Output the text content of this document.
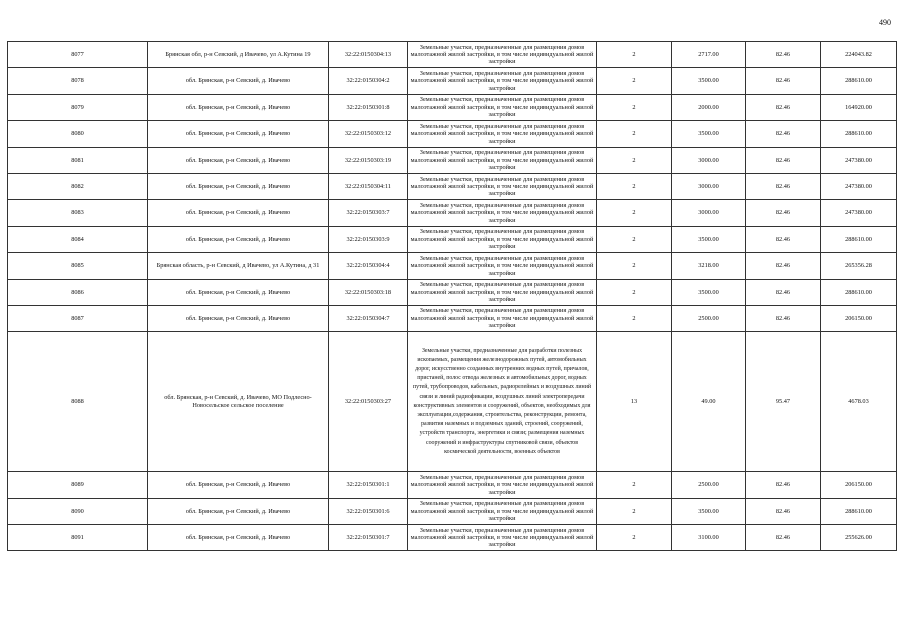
490
8077	Брянская обл, р-н Севский, д Ивачево, ул А.Кутина 19	32:22:0150304:13	Земельные участки, предназначенные для размещения домов малоэтажной жилой застройки, в том числе индивидуальной жилой застройки	2	2717.00	82.46	224043.82
8078	обл. Брянская, р-н Севский, д. Ивачево	32:22:0150304:2	Земельные участки, предназначенные для размещения домов малоэтажной жилой застройки, в том числе индивидуальной жилой застройки	2	3500.00	82.46	288610.00
8079	обл. Брянская, р-н Севский, д. Ивачево	32:22:0150301:8	Земельные участки, предназначенные для размещения домов малоэтажной жилой застройки, в том числе индивидуальной жилой застройки	2	2000.00	82.46	164920.00
8080	обл. Брянская, р-н Севский, д. Ивачево	32:22:0150303:12	Земельные участки, предназначенные для размещения домов малоэтажной жилой застройки, в том числе индивидуальной жилой застройки	2	3500.00	82.46	288610.00
8081	обл. Брянская, р-н Севский, д. Ивачево	32:22:0150303:19	Земельные участки, предназначенные для размещения домов малоэтажной жилой застройки, в том числе индивидуальной жилой застройки	2	3000.00	82.46	247380.00
8082	обл. Брянская, р-н Севский, д. Ивачево	32:22:0150304:11	Земельные участки, предназначенные для размещения домов малоэтажной жилой застройки, в том числе индивидуальной жилой застройки	2	3000.00	82.46	247380.00
8083	обл. Брянская, р-н Севский, д. Ивачево	32:22:0150303:7	Земельные участки, предназначенные для размещения домов малоэтажной жилой застройки, в том числе индивидуальной жилой застройки	2	3000.00	82.46	247380.00
8084	обл. Брянская, р-н Севский, д. Ивачево	32:22:0150303:9	Земельные участки, предназначенные для размещения домов малоэтажной жилой застройки, в том числе индивидуальной жилой застройки	2	3500.00	82.46	288610.00
8085	Брянская область, р-н Севский, д Ивачево, ул А.Кутина, д 31	32:22:0150304:4	Земельные участки, предназначенные для размещения домов малоэтажной жилой застройки, в том числе индивидуальной жилой застройки	2	3218.00	82.46	265356.28
8086	обл. Брянская, р-н Севский, д. Ивачево	32:22:0150303:18	Земельные участки, предназначенные для размещения домов малоэтажной жилой застройки, в том числе индивидуальной жилой застройки	2	3500.00	82.46	288610.00
8087	обл. Брянская, р-н Севский, д. Ивачево	32:22:0150304:7	Земельные участки, предназначенные для размещения домов малоэтажной жилой застройки, в том числе индивидуальной жилой застройки	2	2500.00	82.46	206150.00
8088	обл. Брянская, р-н Севский, д. Ивачево, МО Подлесно-Новосельское сельское поселение	32:22:0150303:27	Земельные участки, предназначенные для разработки полезных ископаемых, размещения железнодорожных путей, автомобильных дорог, искусственно созданных внутренних водных путей, причалов, пристаней, полос отвода железных и автомобильных дорог, водных путей, трубопроводов, кабельных, радиорелейных и воздушных линий связи и линий радиофикации, воздушных линий электропередачи конструктивных элементов и сооружений, объектов, необходимых для эксплуатации,содержания, строительства, реконструкции, ремонта, развития наземных и подземных зданий, строений, сооружений, устройств транспорта, энергетики и связи; размещения наземных сооружений и инфраструктуры спутниковой связи, объектов космической деятельности, военных объектов	13	49.00	95.47	4678.03
8089	обл. Брянская, р-н Севский, д. Ивачево	32:22:0150301:1	Земельные участки, предназначенные для размещения домов малоэтажной жилой застройки, в том числе индивидуальной жилой застройки	2	2500.00	82.46	206150.00
8090	обл. Брянская, р-н Севский, д. Ивачево	32:22:0150301:6	Земельные участки, предназначенные для размещения домов малоэтажной жилой застройки, в том числе индивидуальной жилой застройки	2	3500.00	82.46	288610.00
8091	обл. Брянская, р-н Севский, д. Ивачево	32:22:0150301:7	Земельные участки, предназначенные для размещения домов малоэтажной жилой застройки, в том числе индивидуальной жилой застройки	2	3100.00	82.46	255626.00
